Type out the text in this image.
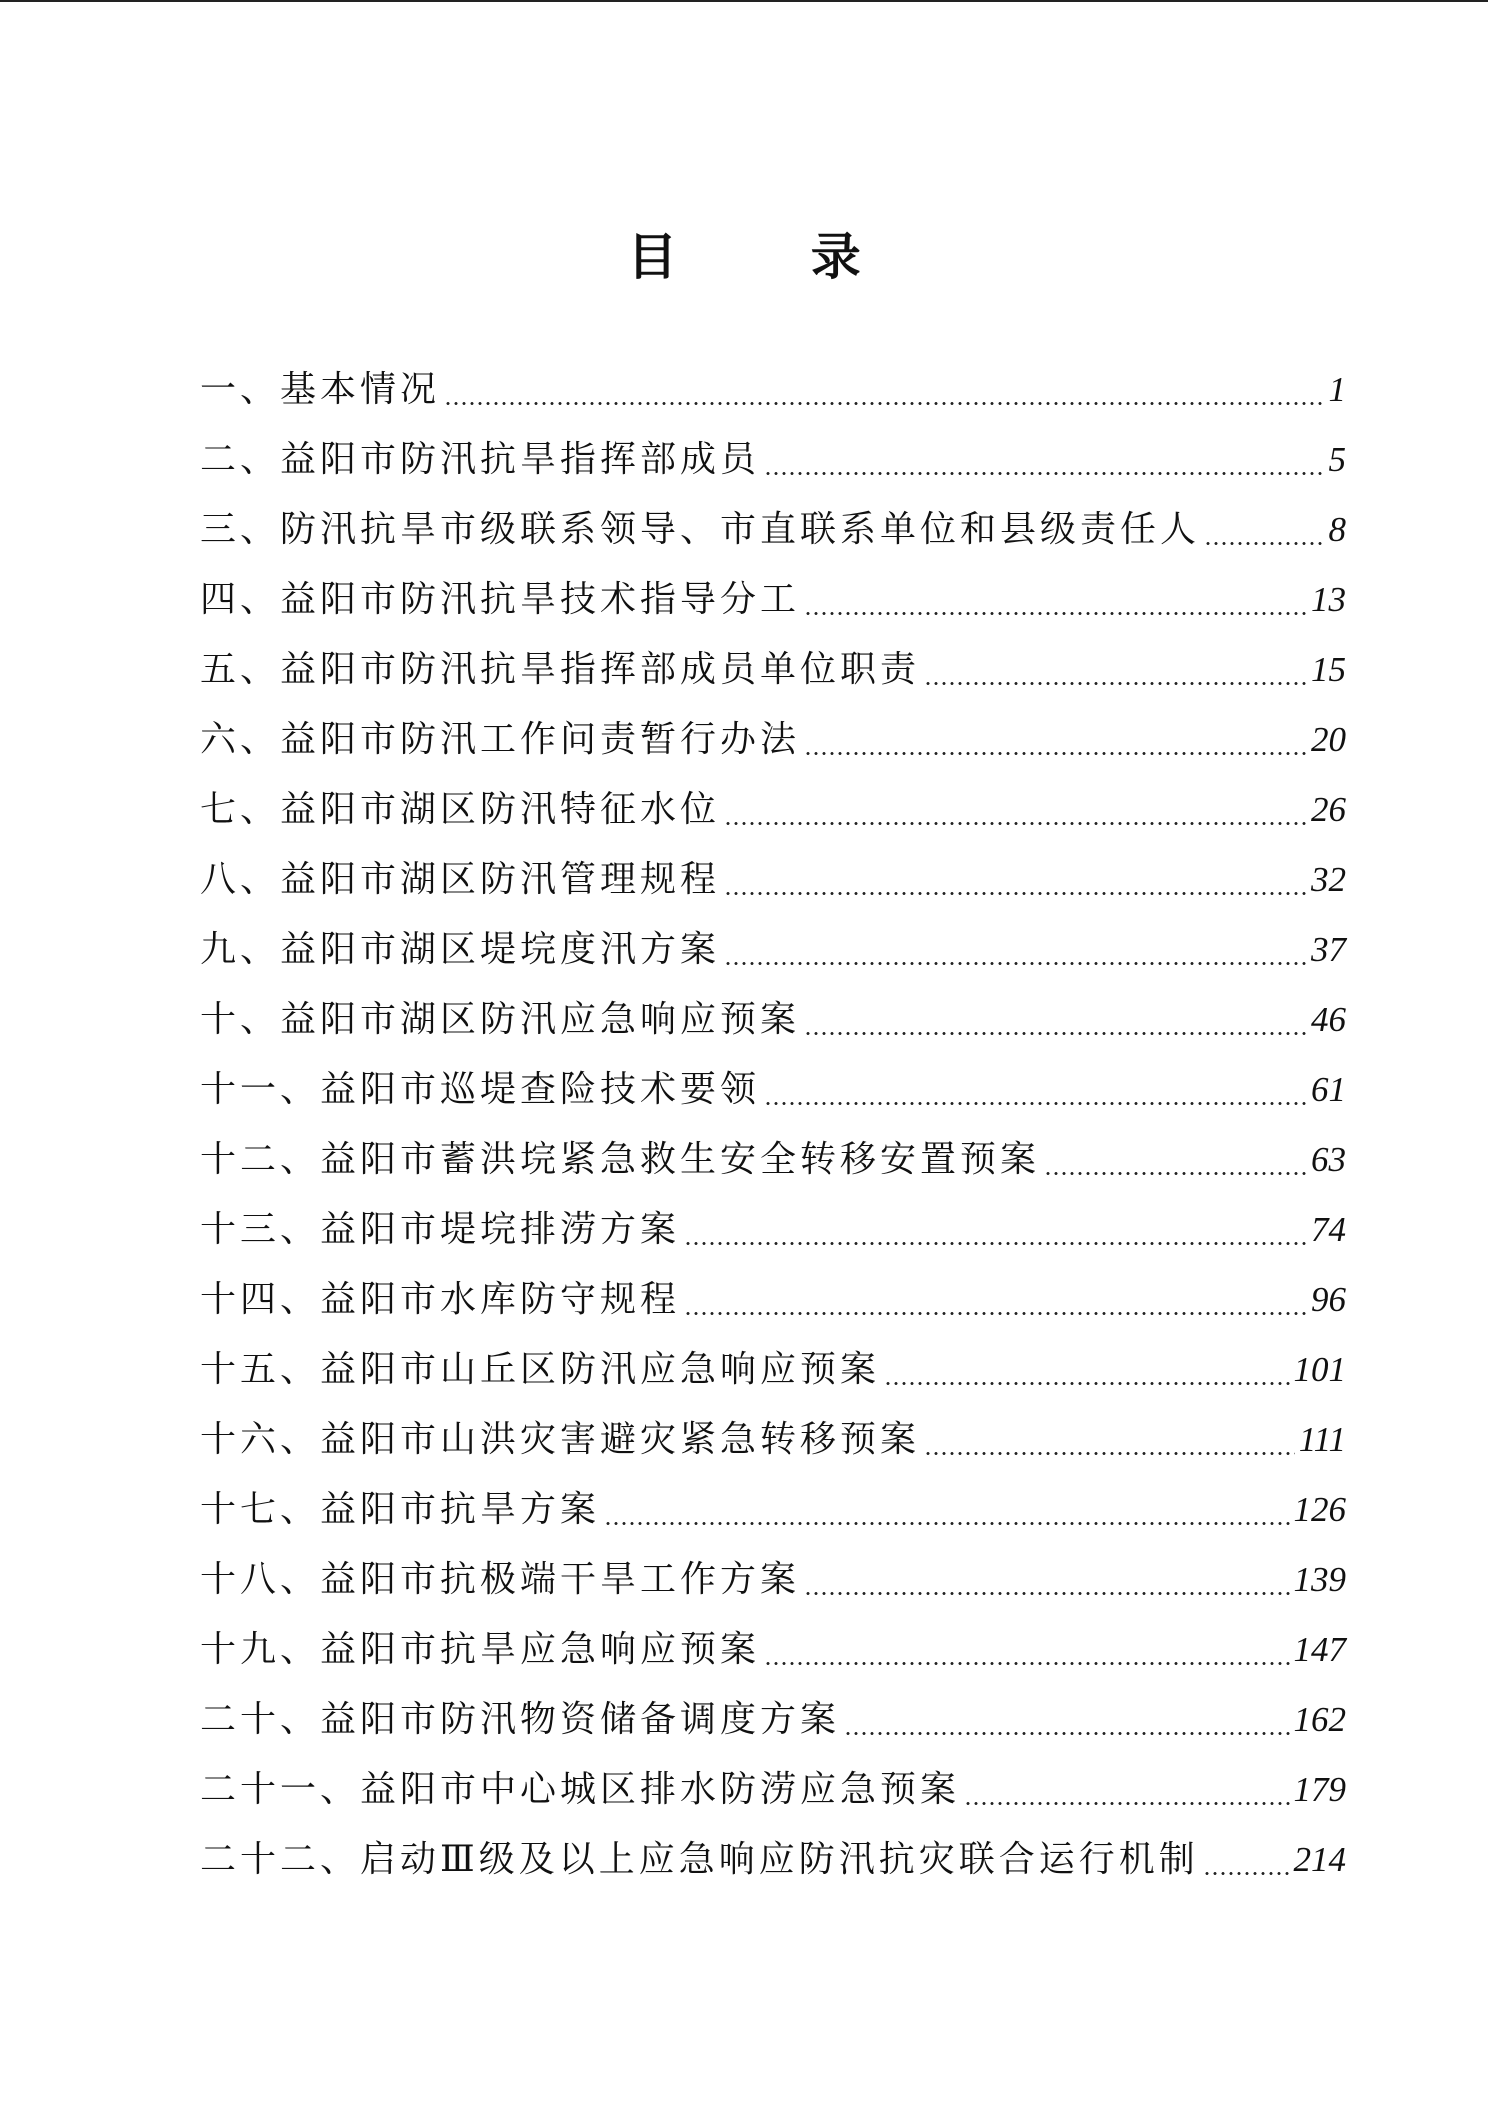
目 录
一、基本情况	1
二、益阳市防汛抗旱指挥部成员	5
三、防汛抗旱市级联系领导、市直联系单位和县级责任人	8
四、益阳市防汛抗旱技术指导分工	13
五、益阳市防汛抗旱指挥部成员单位职责	15
六、益阳市防汛工作问责暂行办法	20
七、益阳市湖区防汛特征水位	26
八、益阳市湖区防汛管理规程	32
九、益阳市湖区堤垸度汛方案	37
十、益阳市湖区防汛应急响应预案	46
十一、益阳市巡堤查险技术要领	61
十二、益阳市蓄洪垸紧急救生安全转移安置预案	63
十三、益阳市堤垸排涝方案	74
十四、益阳市水库防守规程	96
十五、益阳市山丘区防汛应急响应预案	101
十六、益阳市山洪灾害避灾紧急转移预案	111
十七、益阳市抗旱方案	126
十八、益阳市抗极端干旱工作方案	139
十九、益阳市抗旱应急响应预案	147
二十、益阳市防汛物资储备调度方案	162
二十一、益阳市中心城区排水防涝应急预案	179
二十二、启动Ⅲ级及以上应急响应防汛抗灾联合运行机制	214
